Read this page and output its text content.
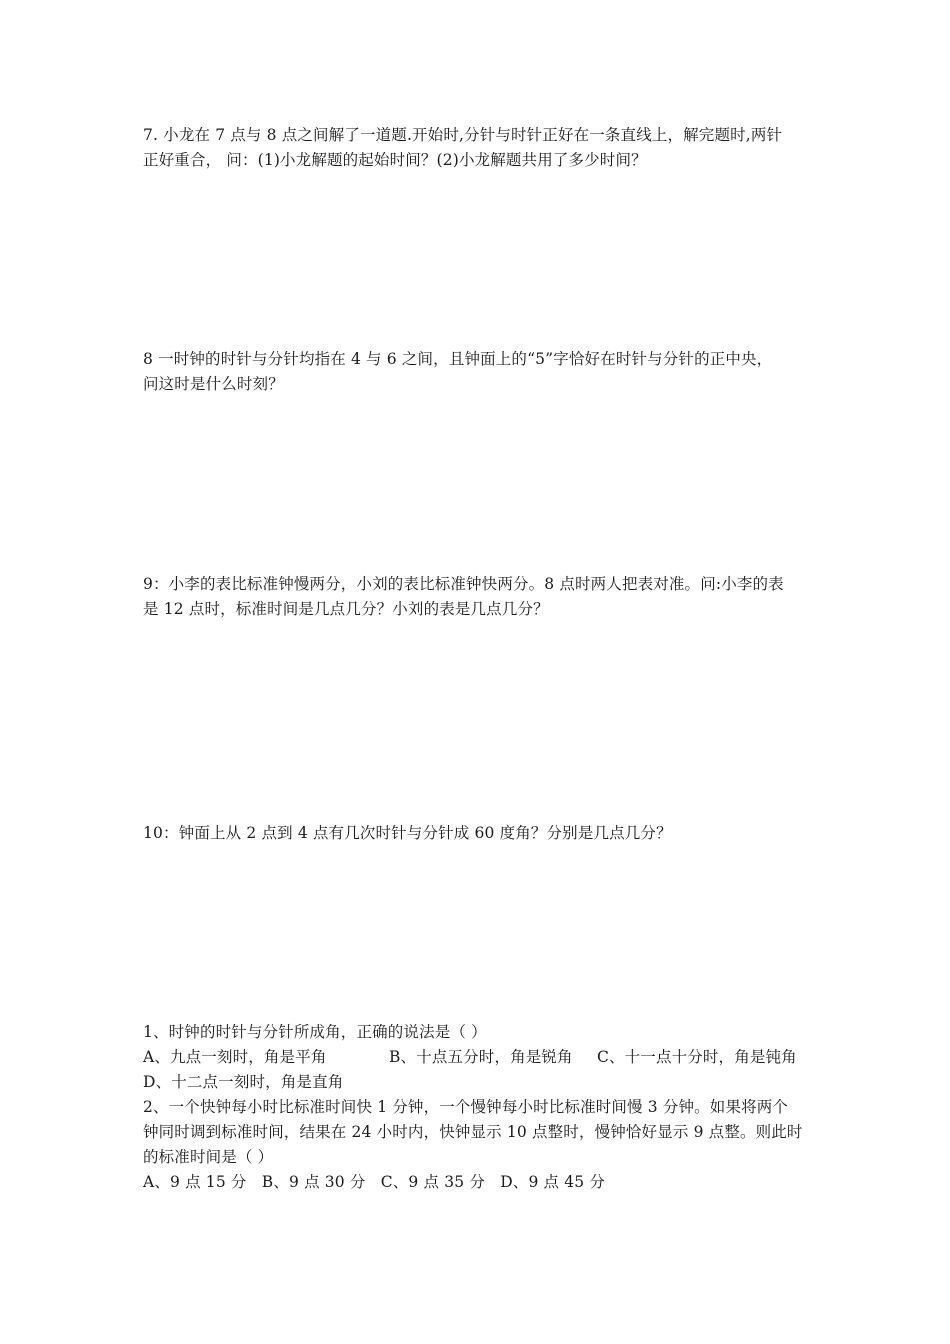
7. 小龙在 7 点与 8 点之间解了一道题.开始时,分针与时针正好在一条直线上，解完题时,两针
正好重合， 问：(1)小龙解题的起始时间？(2)小龙解题共用了多少时间？

8 一时钟的时针与分针均指在 4 与 6 之间，且钟面上的“5”字恰好在时针与分针的正中央，
问这时是什么时刻？

9：小李的表比标准钟慢两分，小刘的表比标准钟快两分。8 点时两人把表对准。问:小李的表
是 12 点时，标准时间是几点几分？小刘的表是几点几分？

10：钟面上从 2 点到 4 点有几次时针与分针成 60 度角？分别是几点几分？

1、时钟的时针与分针所成角，正确的说法是（ ）
A、九点一刻时，角是平角	B、十点五分时，角是锐角 C、十一点十分时，角是钝角
D、十二点一刻时，角是直角

2、一个快钟每小时比标准时间快 1 分钟，一个慢钟每小时比标准时间慢 3 分钟。如果将两个
钟同时调到标准时间，结果在 24 小时内，快钟显示 10 点整时，慢钟恰好显示 9 点整。则此时
的标准时间是（ ）
A、9 点 15 分   B、9 点 30 分   C、9 点 35 分   D、9 点 45 分
